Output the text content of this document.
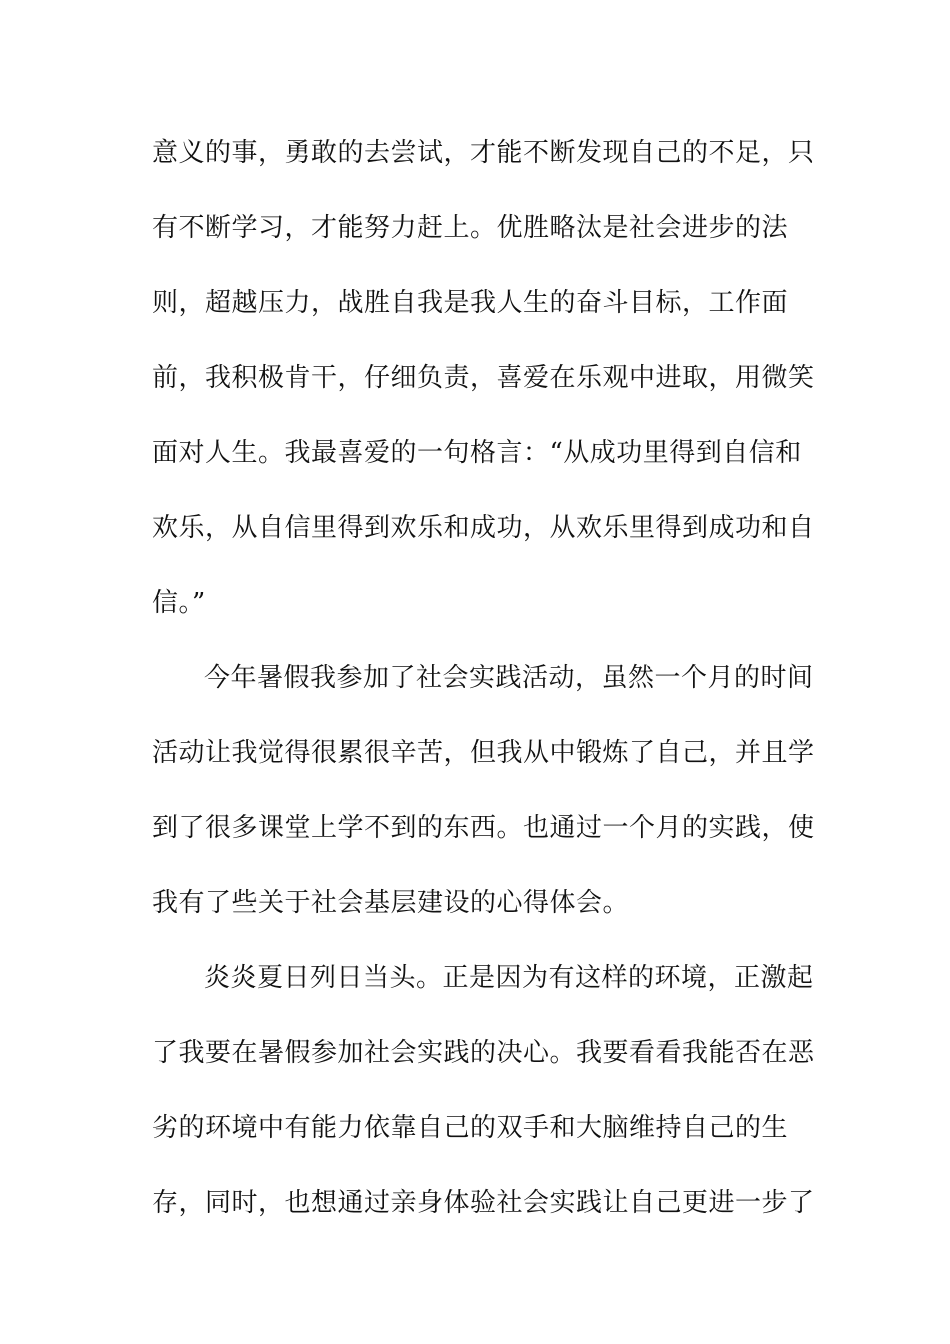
意义的事，勇敢的去尝试，才能不断发现自己的不足，只
有不断学习，才能努力赶上。优胜略汰是社会进步的法
则，超越压力，战胜自我是我人生的奋斗目标，工作面
前，我积极肯干，仔细负责，喜爱在乐观中进取，用微笑
面对人生。我最喜爱的一句格言：“从成功里得到自信和
欢乐，从自信里得到欢乐和成功，从欢乐里得到成功和自
信。”
今年暑假我参加了社会实践活动，虽然一个月的时间
活动让我觉得很累很辛苦，但我从中锻炼了自己，并且学
到了很多课堂上学不到的东西。也通过一个月的实践，使
我有了些关于社会基层建设的心得体会。
炎炎夏日列日当头。正是因为有这样的环境，正激起
了我要在暑假参加社会实践的决心。我要看看我能否在恶
劣的环境中有能力依靠自己的双手和大脑维持自己的生
存，同时，也想通过亲身体验社会实践让自己更进一步了
